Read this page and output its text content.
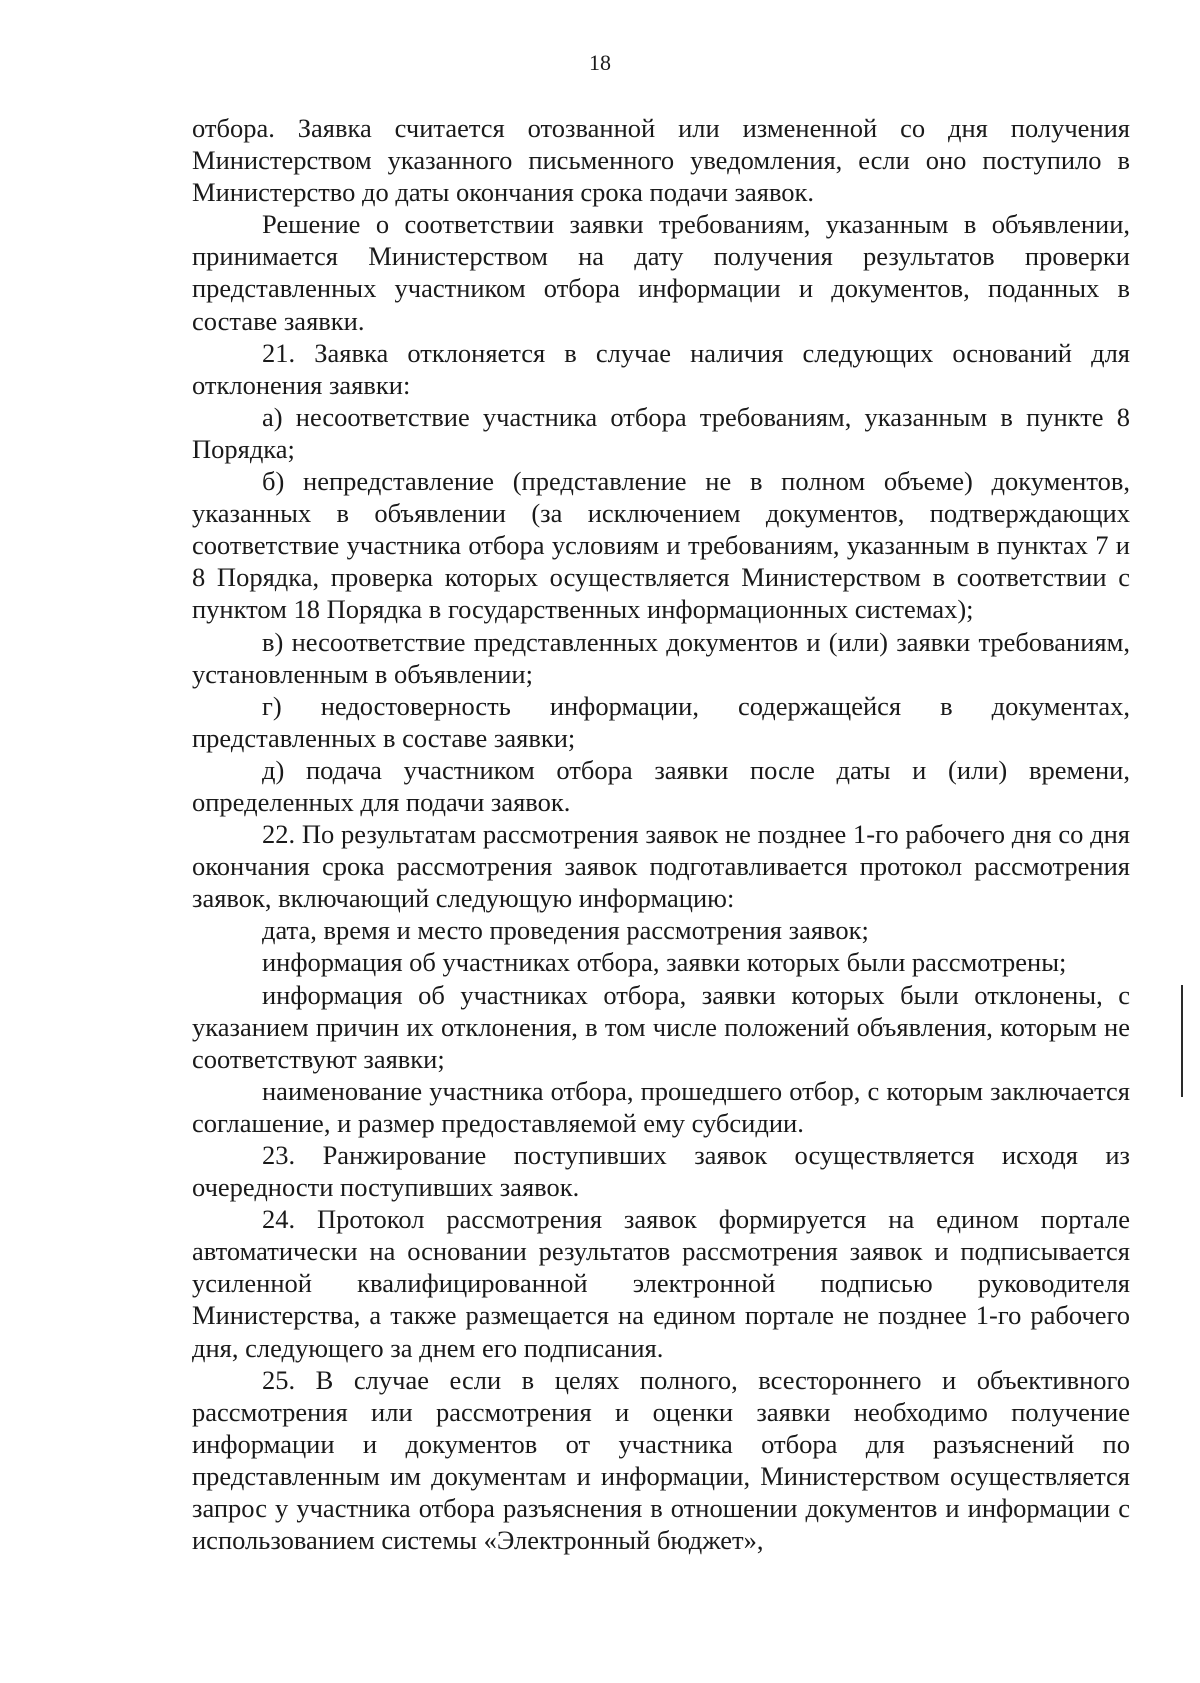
18

отбора. Заявка считается отозванной или измененной со дня получения Министерством указанного письменного уведомления, если оно поступило в Министерство до даты окончания срока подачи заявок.

Решение о соответствии заявки требованиям, указанным в объявлении, принимается Министерством на дату получения результатов проверки представленных участником отбора информации и документов, поданных в составе заявки.

21. Заявка отклоняется в случае наличия следующих оснований для отклонения заявки:

а) несоответствие участника отбора требованиям, указанным в пункте 8 Порядка;

б) непредставление (представление не в полном объеме) документов, указанных в объявлении (за исключением документов, подтверждающих соответствие участника отбора условиям и требованиям, указанным в пунктах 7 и 8 Порядка, проверка которых осуществляется Министерством в соответствии с пунктом 18 Порядка в государственных информационных системах);

в) несоответствие представленных документов и (или) заявки требованиям, установленным в объявлении;

г) недостоверность информации, содержащейся в документах, представленных в составе заявки;

д) подача участником отбора заявки после даты и (или) времени, определенных для подачи заявок.

22. По результатам рассмотрения заявок не позднее 1-го рабочего дня со дня окончания срока рассмотрения заявок подготавливается протокол рассмотрения заявок, включающий следующую информацию:

дата, время и место проведения рассмотрения заявок;

информация об участниках отбора, заявки которых были рассмотрены;

информация об участниках отбора, заявки которых были отклонены, с указанием причин их отклонения, в том числе положений объявления, которым не соответствуют заявки;

наименование участника отбора, прошедшего отбор, с которым заключается соглашение, и размер предоставляемой ему субсидии.

23. Ранжирование поступивших заявок осуществляется исходя из очередности поступивших заявок.

24. Протокол рассмотрения заявок формируется на едином портале автоматически на основании результатов рассмотрения заявок и подписывается усиленной квалифицированной электронной подписью руководителя Министерства, а также размещается на едином портале не позднее 1-го рабочего дня, следующего за днем его подписания.

25. В случае если в целях полного, всестороннего и объективного рассмотрения или рассмотрения и оценки заявки необходимо получение информации и документов от участника отбора для разъяснений по представленным им документам и информации, Министерством осуществляется запрос у участника отбора разъяснения в отношении документов и информации с использованием системы «Электронный бюджет»,
